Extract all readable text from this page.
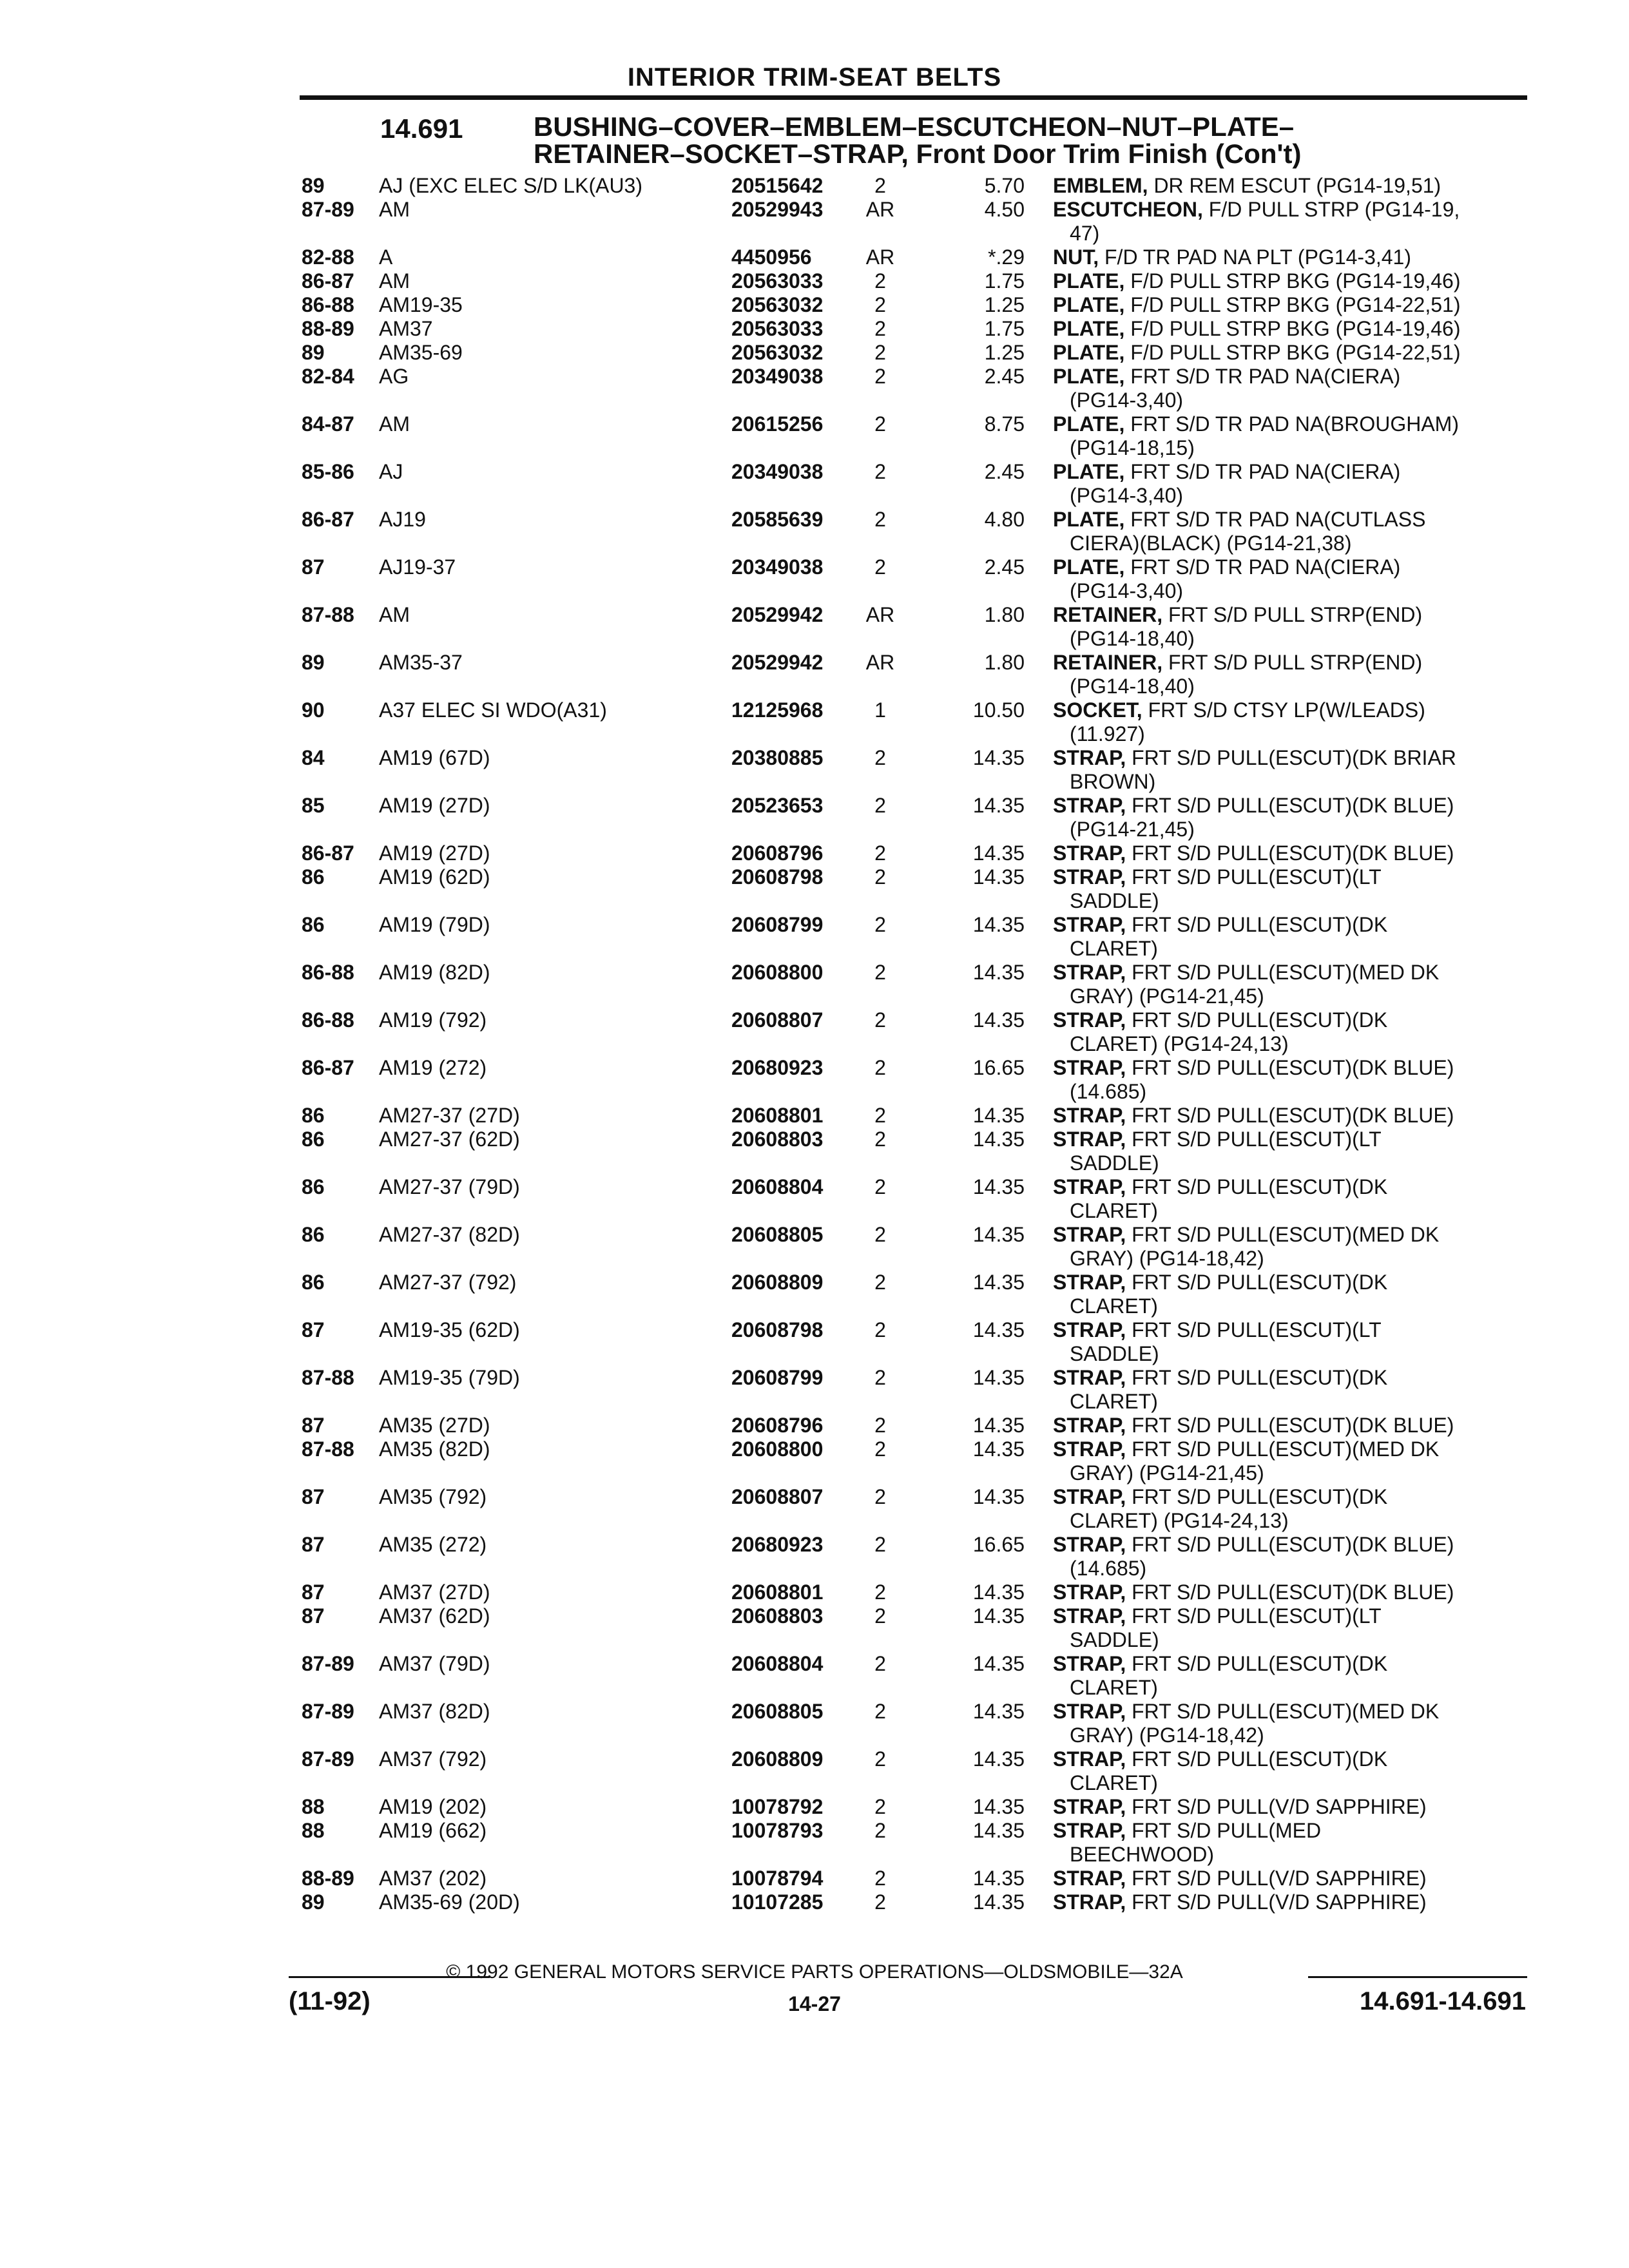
INTERIOR TRIM-SEAT BELTS
14.691	BUSHING–COVER–EMBLEM–ESCUTCHEON–NUT–PLATE–
RETAINER–SOCKET–STRAP, Front Door Trim Finish (Con't)
89	AJ (EXC ELEC S/D LK(AU3) . . .	20515642	2	5.70 EMBLEM, DR REM ESCUT (PG14-19,51)
87-89 AM . . .	20529943 AR	4.50 ESCUTCHEON, F/D PULL STRP (PG14-19,
47)
82-88 A . . .	4450956	AR	*.29 NUT, F/D TR PAD NA PLT (PG14-3,41)
86-87 AM . . .	20563033	2	1.75 PLATE, F/D PULL STRP BKG (PG14-19,46)
86-88 AM19-35 . . .	20563032	2	1.25 PLATE, F/D PULL STRP BKG (PG14-22,51)
88-89 AM37 . . .	20563033	2	1.75 PLATE, F/D PULL STRP BKG (PG14-19,46)
89	AM35-69 . . .	20563032	2	1.25 PLATE, F/D PULL STRP BKG (PG14-22,51)
82-84 AG . . .	20349038	2	2.45 PLATE, FRT S/D TR PAD NA(CIERA)
(PG14-3,40)
84-87 AM . . .	20615256	2	8.75 PLATE, FRT S/D TR PAD NA(BROUGHAM)
(PG14-18,15)
85-86 AJ . . .	20349038	2	2.45 PLATE, FRT S/D TR PAD NA(CIERA)
(PG14-3,40)
86-87 AJ19 . . .	20585639	2	4.80 PLATE, FRT S/D TR PAD NA(CUTLASS
CIERA)(BLACK) (PG14-21,38)
87	AJ19-37 . . .	20349038	2	2.45 PLATE, FRT S/D TR PAD NA(CIERA)
(PG14-3,40)
87-88 AM . . .	20529942 AR	1.80 RETAINER, FRT S/D PULL STRP(END)
(PG14-18,40)
89	AM35-37 . . .	20529942 AR	1.80 RETAINER, FRT S/D PULL STRP(END)
(PG14-18,40)
90	A37 ELEC SI WDO(A31) . . .	12125968	1	10.50 SOCKET, FRT S/D CTSY LP(W/LEADS)
(11.927)
84	AM19 (67D) . . .	20380885	2	14.35 STRAP, FRT S/D PULL(ESCUT)(DK BRIAR
BROWN)
85	AM19 (27D) . . .	20523653	2	14.35 STRAP, FRT S/D PULL(ESCUT)(DK BLUE)
(PG14-21,45)
86-87 AM19 (27D) . . .	20608796	2	14.35 STRAP, FRT S/D PULL(ESCUT)(DK BLUE)
86	AM19 (62D) . . .	20608798	2	14.35 STRAP, FRT S/D PULL(ESCUT)(LT
SADDLE)
86	AM19 (79D) . . .	20608799	2	14.35 STRAP, FRT S/D PULL(ESCUT)(DK
CLARET)
86-88 AM19 (82D) . . .	20608800	2	14.35 STRAP, FRT S/D PULL(ESCUT)(MED DK
GRAY) (PG14-21,45)
86-88 AM19 (792) . . .	20608807	2	14.35 STRAP, FRT S/D PULL(ESCUT)(DK
CLARET) (PG14-24,13)
86-87 AM19 (272) . . .	20680923	2	16.65 STRAP, FRT S/D PULL(ESCUT)(DK BLUE)
(14.685)
86	AM27-37 (27D) . . .	20608801	2	14.35 STRAP, FRT S/D PULL(ESCUT)(DK BLUE)
86	AM27-37 (62D) . . .	20608803	2	14.35 STRAP, FRT S/D PULL(ESCUT)(LT
SADDLE)
86	AM27-37 (79D) . . .	20608804	2	14.35 STRAP, FRT S/D PULL(ESCUT)(DK
CLARET)
86	AM27-37 (82D) . . .	20608805	2	14.35 STRAP, FRT S/D PULL(ESCUT)(MED DK
GRAY) (PG14-18,42)
86	AM27-37 (792) . . .	20608809	2	14.35 STRAP, FRT S/D PULL(ESCUT)(DK
CLARET)
87	AM19-35 (62D) . . .	20608798	2	14.35 STRAP, FRT S/D PULL(ESCUT)(LT
SADDLE)
87-88 AM19-35 (79D) . . .	20608799	2	14.35 STRAP, FRT S/D PULL(ESCUT)(DK
CLARET)
87	AM35 (27D) . . .	20608796	2	14.35 STRAP, FRT S/D PULL(ESCUT)(DK BLUE)
87-88 AM35 (82D) . . .	20608800	2	14.35 STRAP, FRT S/D PULL(ESCUT)(MED DK
GRAY) (PG14-21,45)
87	AM35 (792) . . .	20608807	2	14.35 STRAP, FRT S/D PULL(ESCUT)(DK
CLARET) (PG14-24,13)
87	AM35 (272) . . .	20680923	2	16.65 STRAP, FRT S/D PULL(ESCUT)(DK BLUE)
(14.685)
87	AM37 (27D) . . .	20608801	2	14.35 STRAP, FRT S/D PULL(ESCUT)(DK BLUE)
87	AM37 (62D) . . .	20608803	2	14.35 STRAP, FRT S/D PULL(ESCUT)(LT
SADDLE)
87-89 AM37 (79D) . . .	20608804	2	14.35 STRAP, FRT S/D PULL(ESCUT)(DK
CLARET)
87-89 AM37 (82D) . . .	20608805	2	14.35 STRAP, FRT S/D PULL(ESCUT)(MED DK
GRAY) (PG14-18,42)
87-89 AM37 (792) . . .	20608809	2	14.35 STRAP, FRT S/D PULL(ESCUT)(DK
CLARET)
88	AM19 (202) . . .	10078792	2	14.35 STRAP, FRT S/D PULL(V/D SAPPHIRE)
88	AM19 (662) . . .	10078793	2	14.35 STRAP, FRT S/D PULL(MED
BEECHWOOD)
88-89 AM37 (202) . . .	10078794	2	14.35 STRAP, FRT S/D PULL(V/D SAPPHIRE)
89	AM35-69 (20D) . . .	10107285	2	14.35 STRAP, FRT S/D PULL(V/D SAPPHIRE)
© 1992 GENERAL MOTORS SERVICE PARTS OPERATIONS—OLDSMOBILE—32A
(11-92)	14-27	14.691-14.691
